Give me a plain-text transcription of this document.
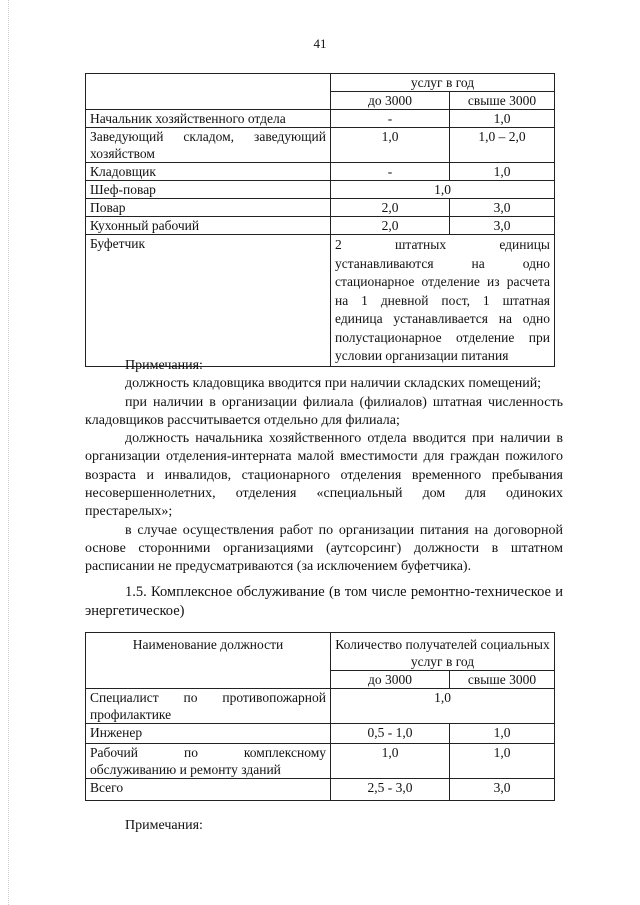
41
	услуг в год	
	до 3000	свыше 3000
Начальник хозяйственного отдела	-	1,0
Заведующий складом, заведующий хозяйством	1,0	1,0 – 2,0
Кладовщик	-	1,0
Шеф-повар	1,0	
Повар	2,0	3,0
Кухонный рабочий	2,0	3,0
Буфетчик	2 штатных единицы устанавливаются на одно стационарное отделение из расчета на 1 дневной пост, 1 штатная единица устанавливается на одно полустационарное отделение при условии организации питания	

Примечания:

должность кладовщика вводится при наличии складских помещений;

при наличии в организации филиала (филиалов) штатная численность кладовщиков рассчитывается отдельно для филиала;

должность начальника хозяйственного отдела вводится при наличии в организации отделения-интерната малой вместимости для граждан пожилого возраста и инвалидов, стационарного отделения временного пребывания несовершеннолетних, отделения «специальный дом для одиноких престарелых»;

в случае осуществления работ по организации питания на договорной основе сторонними организациями (аутсорсинг) должности в штатном расписании не предусматриваются (за исключением буфетчика).

1.5. Комплексное обслуживание (в том числе ремонтно-техническое и энергетическое)
Наименование должности	Количество получателей социальных услуг в год	
	до 3000	свыше 3000
Специалист по противопожарной профилактике	1,0	
Инженер	0,5 - 1,0	1,0
Рабочий по комплексному обслуживанию и ремонту зданий	1,0	1,0
Всего	2,5 - 3,0	3,0
Примечания:
